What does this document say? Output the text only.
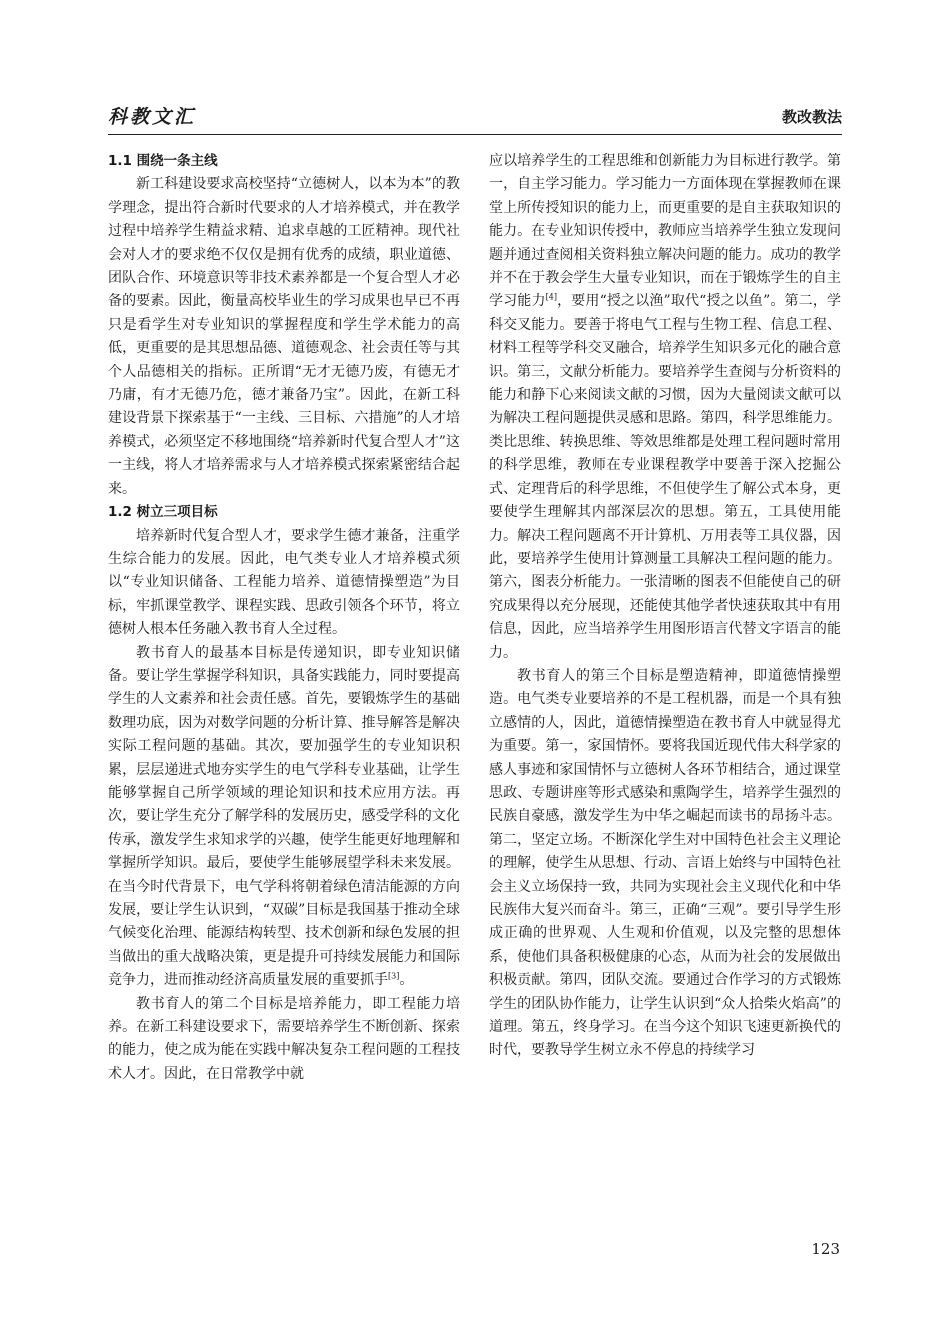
科教文汇	教改教法

1.1 围绕一条主线

新工科建设要求高校坚持“立德树人，以本为本”的教学理念，提出符合新时代要求的人才培养模式，并在教学过程中培养学生精益求精、追求卓越的工匠精神。现代社会对人才的要求绝不仅仅是拥有优秀的成绩，职业道德、团队合作、环境意识等非技术素养都是一个复合型人才必备的要素。因此，衡量高校毕业生的学习成果也早已不再只是看学生对专业知识的掌握程度和学生学术能力的高低，更重要的是其思想品德、道德观念、社会责任等与其个人品德相关的指标。正所谓“无才无德乃废，有德无才乃庸，有才无德乃危，德才兼备乃宝”。因此，在新工科建设背景下探索基于“一主线、三目标、六措施”的人才培养模式，必须坚定不移地围绕“培养新时代复合型人才”这一主线，将人才培养需求与人才培养模式探索紧密结合起来。

1.2 树立三项目标

培养新时代复合型人才，要求学生德才兼备，注重学生综合能力的发展。因此，电气类专业人才培养模式须以“专业知识储备、工程能力培养、道德情操塑造”为目标，牢抓课堂教学、课程实践、思政引领各个环节，将立德树人根本任务融入教书育人全过程。

教书育人的最基本目标是传递知识，即专业知识储备。要让学生掌握学科知识，具备实践能力，同时要提高学生的人文素养和社会责任感。首先，要锻炼学生的基础数理功底，因为对数学问题的分析计算、推导解答是解决实际工程问题的基础。其次，要加强学生的专业知识积累，层层递进式地夯实学生的电气学科专业基础，让学生能够掌握自己所学领域的理论知识和技术应用方法。再次，要让学生充分了解学科的发展历史，感受学科的文化传承，激发学生求知求学的兴趣，使学生能更好地理解和掌握所学知识。最后，要使学生能够展望学科未来发展。在当今时代背景下，电气学科将朝着绿色清洁能源的方向发展，要让学生认识到，“双碳”目标是我国基于推动全球气候变化治理、能源结构转型、技术创新和绿色发展的担当做出的重大战略决策，更是提升可持续发展能力和国际竞争力，进而推动经济高质量发展的重要抓手[3]。

教书育人的第二个目标是培养能力，即工程能力培养。在新工科建设要求下，需要培养学生不断创新、探索的能力，使之成为能在实践中解决复杂工程问题的工程技术人才。因此，在日常教学中就

应以培养学生的工程思维和创新能力为目标进行教学。第一，自主学习能力。学习能力一方面体现在掌握教师在课堂上所传授知识的能力上，而更重要的是自主获取知识的能力。在专业知识传授中，教师应当培养学生独立发现问题并通过查阅相关资料独立解决问题的能力。成功的教学并不在于教会学生大量专业知识，而在于锻炼学生的自主学习能力[4]，要用“授之以渔”取代“授之以鱼”。第二，学科交叉能力。要善于将电气工程与生物工程、信息工程、材料工程等学科交叉融合，培养学生知识多元化的融合意识。第三，文献分析能力。要培养学生查阅与分析资料的能力和静下心来阅读文献的习惯，因为大量阅读文献可以为解决工程问题提供灵感和思路。第四，科学思维能力。类比思维、转换思维、等效思维都是处理工程问题时常用的科学思维，教师在专业课程教学中要善于深入挖掘公式、定理背后的科学思维，不但使学生了解公式本身，更要使学生理解其内部深层次的思想。第五，工具使用能力。解决工程问题离不开计算机、万用表等工具仪器，因此，要培养学生使用计算测量工具解决工程问题的能力。第六，图表分析能力。一张清晰的图表不但能使自己的研究成果得以充分展现，还能使其他学者快速获取其中有用信息，因此，应当培养学生用图形语言代替文字语言的能力。

教书育人的第三个目标是塑造精神，即道德情操塑造。电气类专业要培养的不是工程机器，而是一个具有独立感情的人，因此，道德情操塑造在教书育人中就显得尤为重要。第一，家国情怀。要将我国近现代伟大科学家的感人事迹和家国情怀与立德树人各环节相结合，通过课堂思政、专题讲座等形式感染和熏陶学生，培养学生强烈的民族自豪感，激发学生为中华之崛起而读书的昂扬斗志。第二，坚定立场。不断深化学生对中国特色社会主义理论的理解，使学生从思想、行动、言语上始终与中国特色社会主义立场保持一致，共同为实现社会主义现代化和中华民族伟大复兴而奋斗。第三，正确“三观”。要引导学生形成正确的世界观、人生观和价值观，以及完整的思想体系，使他们具备积极健康的心态，从而为社会的发展做出积极贡献。第四，团队交流。要通过合作学习的方式锻炼学生的团队协作能力，让学生认识到“众人拾柴火焰高”的道理。第五，终身学习。在当今这个知识飞速更新换代的时代，要教导学生树立永不停息的持续学习

123
